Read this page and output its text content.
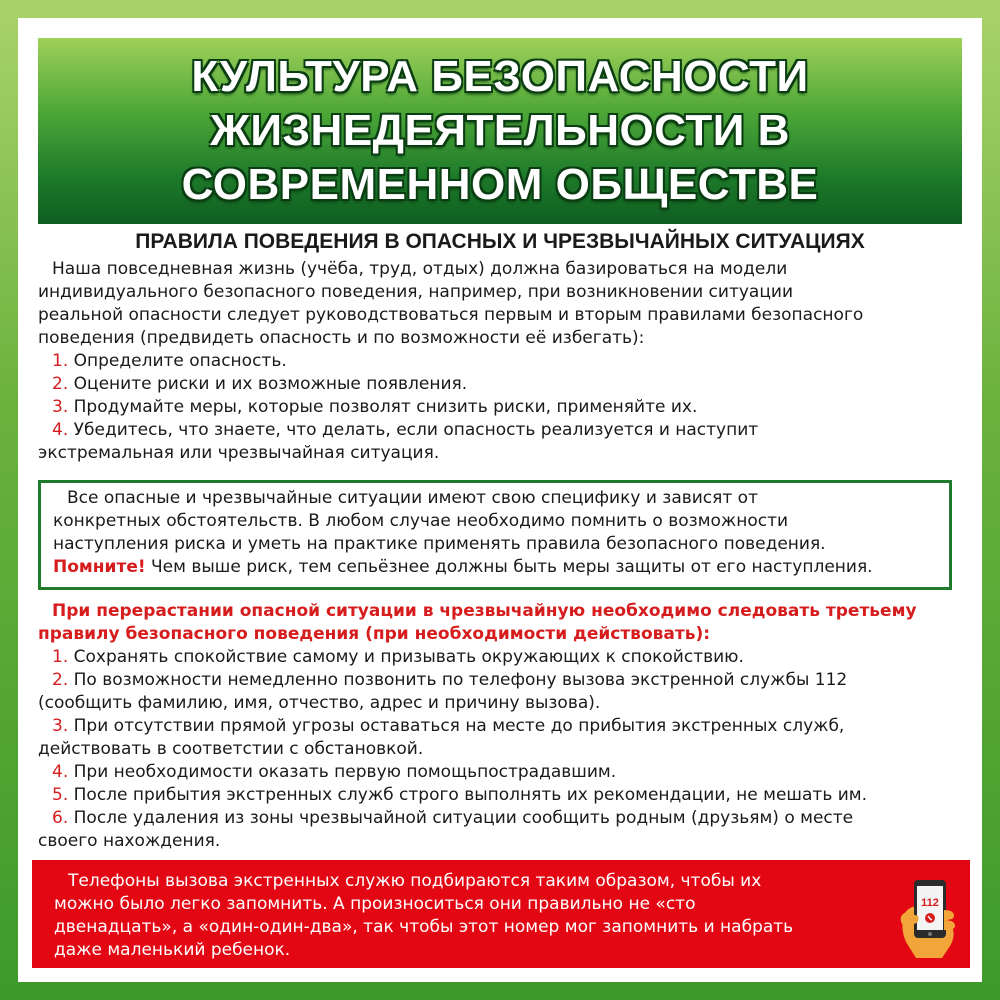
КУЛЬТУРА БЕЗОПАСНОСТИ
ЖИЗНЕДЕЯТЕЛЬНОСТИ В
СОВРЕМЕННОМ ОБЩЕСТВЕ
ПРАВИЛА ПОВЕДЕНИЯ В ОПАСНЫХ И ЧРЕЗВЫЧАЙНЫХ СИТУАЦИЯХ
Наша повседневная жизнь (учёба, труд, отдых) должна базироваться на модели
индивидуального безопасного поведения, например, при возникновении ситуации
реальной опасности следует руководствоваться первым и вторым правилами безопасного
поведения (предвидеть опасность и по возможности её избегать):
1. Определите опасность.
2. Оцените риски и их возможные появления.
3. Продумайте меры, которые позволят снизить риски, применяйте их.
4. Убедитесь, что знаете, что делать, если опасность реализуется и наступит
экстремальная или чрезвычайная ситуация.
Все опасные и чрезвычайные ситуации имеют свою специфику и зависят от
конкретных обстоятельств. В любом случае необходимо помнить о возможности
наступления риска и уметь на практике применять правила безопасного поведения.
Помните! Чем выше риск, тем сепьёзнее должны быть меры защиты от его наступления.
При перерастании опасной ситуации в чрезвычайную необходимо следовать третьему
правилу безопасного поведения (при необходимости действовать):
1. Сохранять спокойствие самому и призывать окружающих к спокойствию.
2. По возможности немедленно позвонить по телефону вызова экстренной службы 112
(сообщить фамилию, имя, отчество, адрес и причину вызова).
3. При отсутствии прямой угрозы оставаться на месте до прибытия экстренных служб,
действовать в соответстии с обстановкой.
4. При необходимости оказать первую помощьпострадавшим.
5. После прибытия экстренных служб строго выполнять их рекомендации, не мешать им.
6. После удаления из зоны чрезвычайной ситуации сообщить родным (друзьям) о месте
своего нахождения.
Телефоны вызова экстренных служю подбираются таким образом, чтобы их
можно было легко запомнить. А произноситься они правильно не «сто
двенадцать», а «один-один-два», так чтобы этот номер мог запомнить и набрать
даже маленький ребенок.
112
